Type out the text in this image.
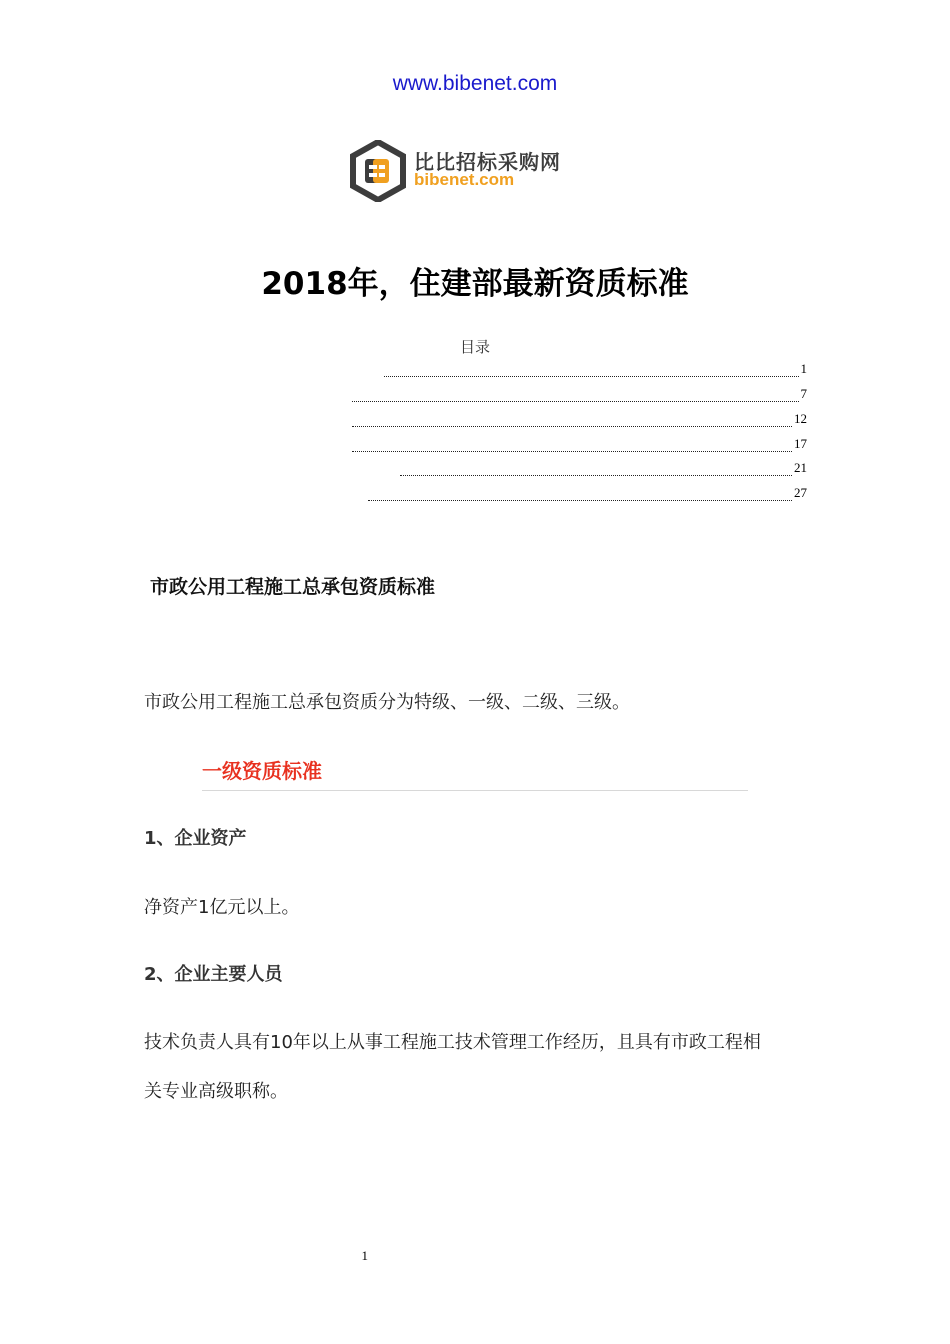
www.bibenet.com
比比招标采购网
bibenet.com
2018年，住建部最新资质标准
目录
1
7
12
17
21
27
市政公用工程施工总承包资质标准
市政公用工程施工总承包资质分为特级、一级、二级、三级。
一级资质标准
1、企业资产
净资产1亿元以上。
2、企业主要人员
技术负责人具有10年以上从事工程施工技术管理工作经历，且具有市政工程相
关专业高级职称。
1
